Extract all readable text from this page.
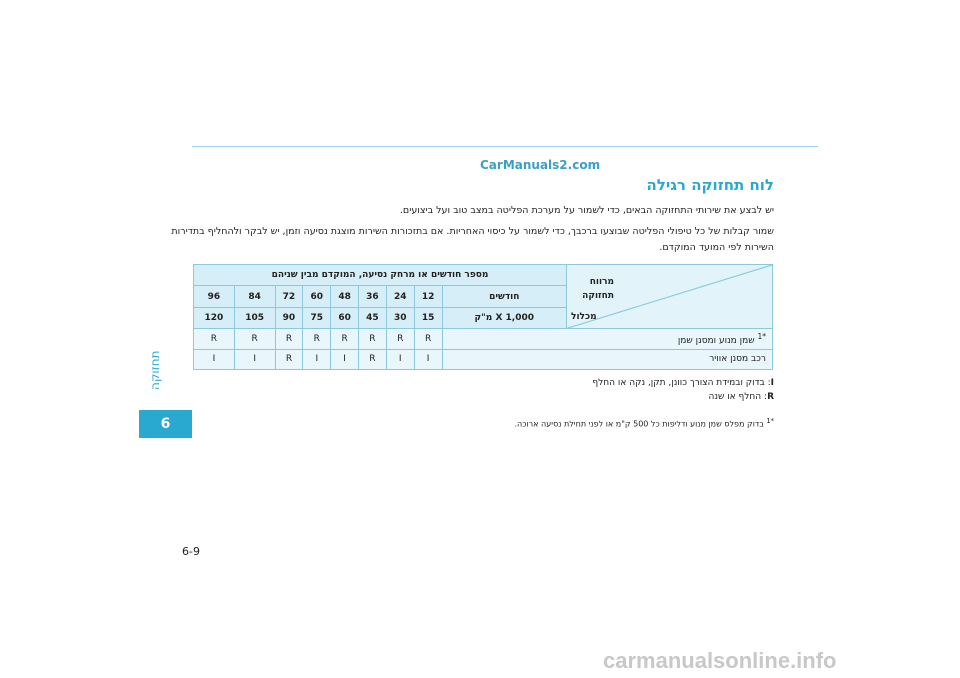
CarManuals2.com
תחזוקה
6
לוח תחזוקה רגילה
יש לבצע את שירותי התחזוקה הבאים, כדי לשמור על מערכת הפליטה במצב טוב ועל ביצועים.
שמור קבלות של כל טיפולי הפליטה שבוצעו ברכבך, כדי לשמור על כיסוי האחריות. אם בתזכורות השירות מוצגת נסיעה וזמן, יש לבקר ולהחליף בתדירות
השירות לפי המועד המוקדם.
מרווח
תחזוקה
מכלול	מספר חודשים או מרחק נסיעה, המוקדם מבין שניהם								
	חודשים	12	24	36	48	60	72	84	96
	1,000 X מ"ק	15	30	45	60	75	90	105	120
$^{*1}$ שמן מנוע ומסנן שמן		R	R	R	R	R	R	R	R
רכב מסנן אוויר		I	I	R	I	I	R	I	I
I: בדוק ובמידת הצורך כוונן, תקן, נקה או החלף
R: החלף או שנה
$^{*1}$ בדוק מפלס שמן מנוע ודליפות כל 500 ק"מ או לפני תחילת נסיעה ארוכה.
6-9
carmanualsonline.info
